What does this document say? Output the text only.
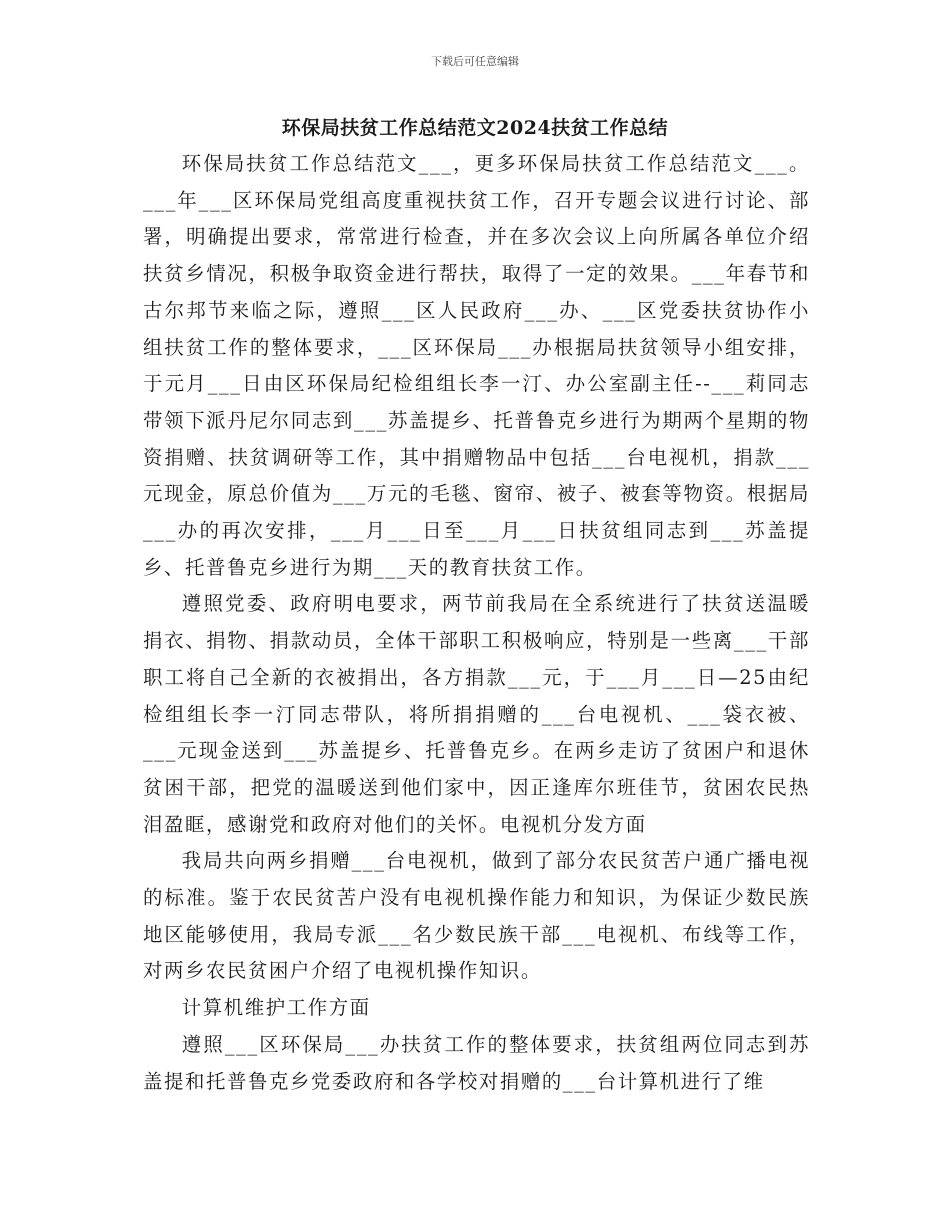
下载后可任意编辑
环保局扶贫工作总结范文2024扶贫工作总结

环保局扶贫工作总结范文___，更多环保局扶贫工作总结范文___。___年___区环保局党组高度重视扶贫工作，召开专题会议进行讨论、部署，明确提出要求，常常进行检查，并在多次会议上向所属各单位介绍扶贫乡情况，积极争取资金进行帮扶，取得了一定的效果。___年春节和古尔邦节来临之际，遵照___区人民政府___办、___区党委扶贫协作小组扶贫工作的整体要求，___区环保局___办根据局扶贫领导小组安排，于元月___日由区环保局纪检组组长李一汀、办公室副主任--___莉同志带领下派丹尼尔同志到___苏盖提乡、托普鲁克乡进行为期两个星期的物资捐赠、扶贫调研等工作，其中捐赠物品中包括___台电视机，捐款___元现金，原总价值为___万元的毛毯、窗帘、被子、被套等物资。根据局___办的再次安排，___月___日至___月___日扶贫组同志到___苏盖提乡、托普鲁克乡进行为期___天的教育扶贫工作。

遵照党委、政府明电要求，两节前我局在全系统进行了扶贫送温暖捐衣、捐物、捐款动员，全体干部职工积极响应，特别是一些离___干部职工将自己全新的衣被捐出，各方捐款___元，于___月___日—25由纪检组组长李一汀同志带队，将所捐捐赠的___台电视机、___袋衣被、___元现金送到___苏盖提乡、托普鲁克乡。在两乡走访了贫困户和退休贫困干部，把党的温暖送到他们家中，因正逢库尔班佳节，贫困农民热泪盈眶，感谢党和政府对他们的关怀。电视机分发方面

我局共向两乡捐赠___台电视机，做到了部分农民贫苦户通广播电视的标准。鉴于农民贫苦户没有电视机操作能力和知识，为保证少数民族地区能够使用，我局专派___名少数民族干部___电视机、布线等工作，对两乡农民贫困户介绍了电视机操作知识。

计算机维护工作方面

遵照___区环保局___办扶贫工作的整体要求，扶贫组两位同志到苏盖提和托普鲁克乡党委政府和各学校对捐赠的___台计算机进行了维
